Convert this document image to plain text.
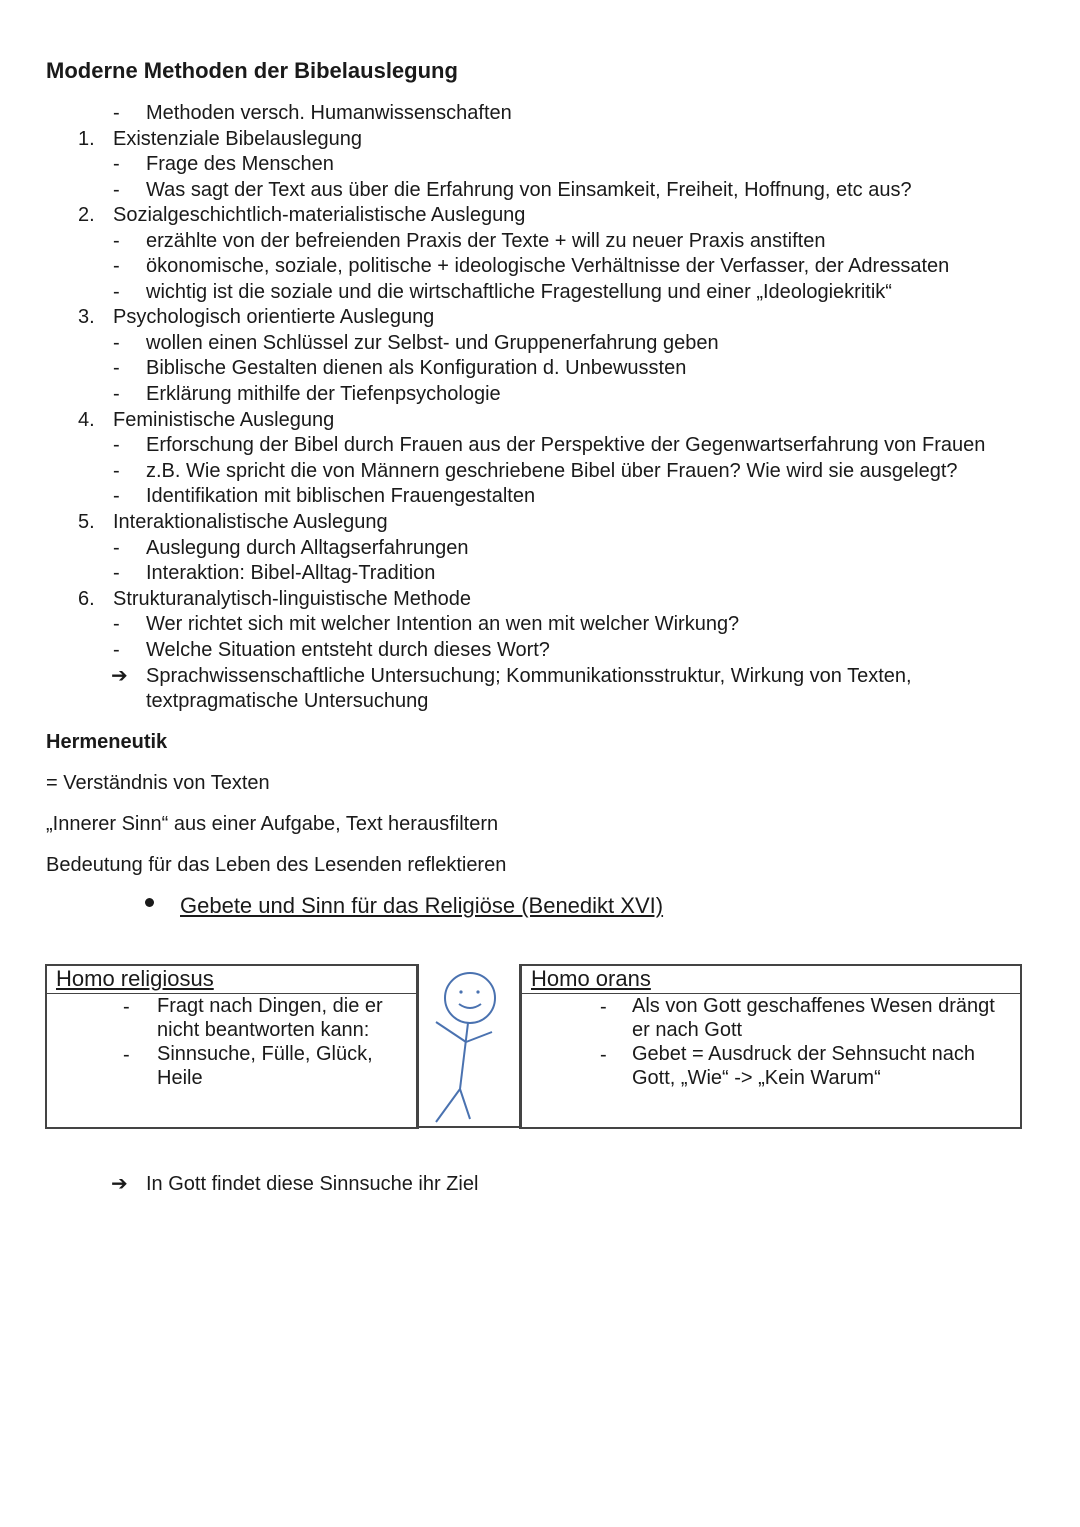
Moderne Methoden der Bibelauslegung
-	Methoden versch. Humanwissenschaften
1. Existenziale Bibelauslegung
-	Frage des Menschen
-	Was sagt der Text aus über die Erfahrung von Einsamkeit, Freiheit, Hoffnung, etc aus?
2. Sozialgeschichtlich-materialistische Auslegung
-	erzählte von der befreienden Praxis der Texte + will zu neuer Praxis anstiften
-	ökonomische, soziale, politische + ideologische Verhältnisse der Verfasser, der Adressaten
-	wichtig ist die soziale und die wirtschaftliche Fragestellung und einer „Ideologiekritik“
3. Psychologisch orientierte Auslegung
-	wollen einen Schlüssel zur Selbst- und Gruppenerfahrung geben
-	Biblische Gestalten dienen als Konfiguration d. Unbewussten
-	Erklärung mithilfe der Tiefenpsychologie
4. Feministische Auslegung
-	Erforschung der Bibel durch Frauen aus der Perspektive der Gegenwartserfahrung von Frauen
-	z.B. Wie spricht die von Männern geschriebene Bibel über Frauen? Wie wird sie ausgelegt?
-	Identifikation mit biblischen Frauengestalten
5. Interaktionalistische Auslegung
-	Auslegung durch Alltagserfahrungen
-	Interaktion: Bibel-Alltag-Tradition
6. Strukturanalytisch-linguistische Methode
-	Wer richtet sich mit welcher Intention an wen mit welcher Wirkung?
-	Welche Situation entsteht durch dieses Wort?
➔ Sprachwissenschaftliche Untersuchung; Kommunikationsstruktur, Wirkung von Texten,
textpragmatische Untersuchung
Hermeneutik
= Verständnis von Texten
„Innerer Sinn“ aus einer Aufgabe, Text herausfiltern
Bedeutung für das Leben des Lesenden reflektieren
Gebete und Sinn für das Religiöse (Benedikt XVI)
Homo religiosus
- Fragt nach Dingen, die er
nicht beantworten kann:
- Sinnsuche, Fülle, Glück,
Heile
Homo orans
- Als von Gott geschaffenes Wesen drängt
er nach Gott
- Gebet = Ausdruck der Sehnsucht nach
Gott, „Wie“ -> „Kein Warum“
➔ In Gott findet diese Sinnsuche ihr Ziel
